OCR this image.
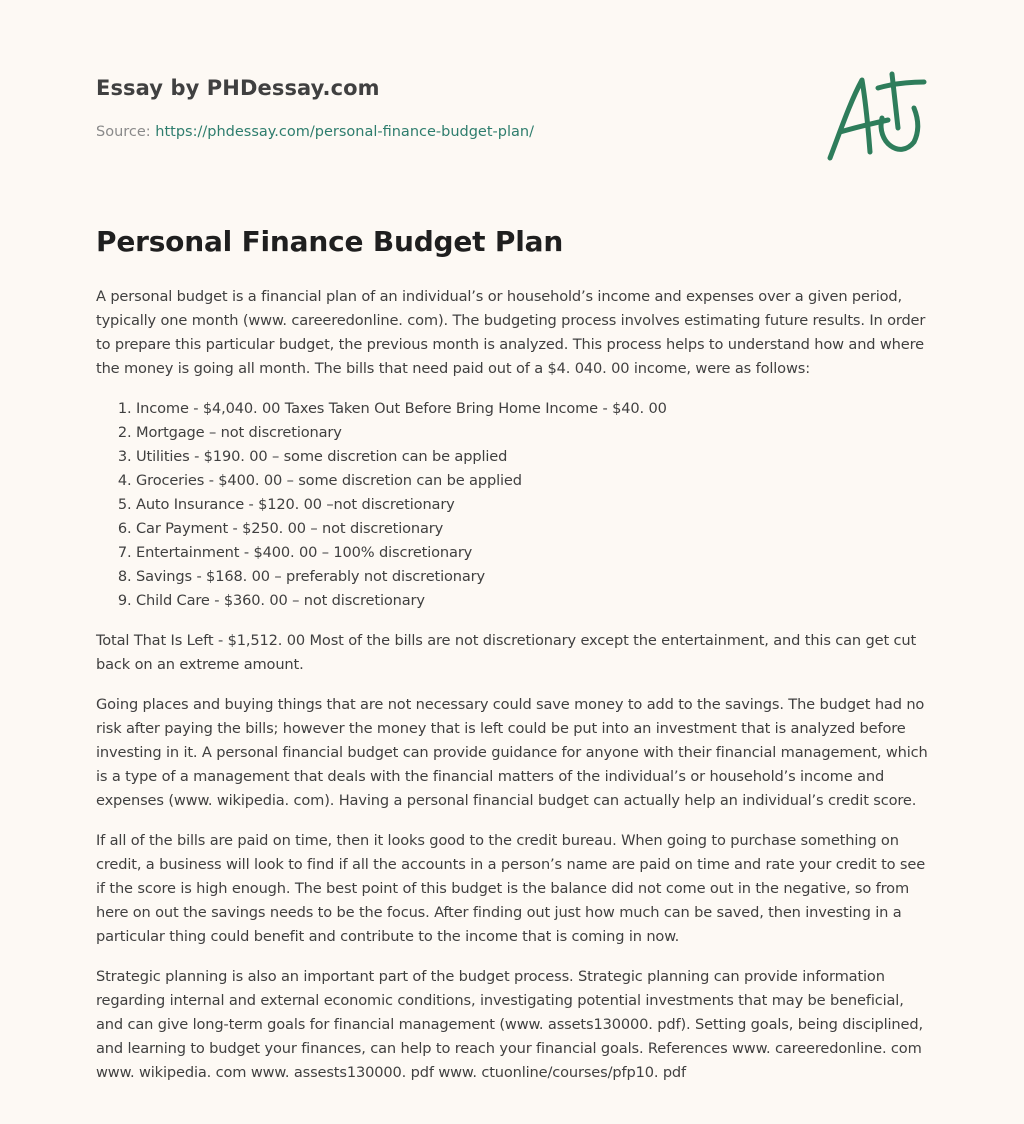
Essay by PHDessay.com
Source: https://phdessay.com/personal-finance-budget-plan/
Personal Finance Budget Plan

A personal budget is a financial plan of an individual’s or household’s income and expenses over a given period, typically one month (www. careeredonline. com). The budgeting process involves estimating future results. In order to prepare this particular budget, the previous month is analyzed. This process helps to understand how and where the money is going all month. The bills that need paid out of a $4. 040. 00 income, were as follows:

1. Income - $4,040. 00 Taxes Taken Out Before Bring Home Income - $40. 00
2. Mortgage – not discretionary
3. Utilities - $190. 00 – some discretion can be applied
4. Groceries - $400. 00 – some discretion can be applied
5. Auto Insurance - $120. 00 –not discretionary
6. Car Payment - $250. 00 – not discretionary
7. Entertainment - $400. 00 – 100% discretionary
8. Savings - $168. 00 – preferably not discretionary
9. Child Care - $360. 00 – not discretionary

Total That Is Left - $1,512. 00 Most of the bills are not discretionary except the entertainment, and this can get cut back on an extreme amount.

Going places and buying things that are not necessary could save money to add to the savings. The budget had no risk after paying the bills; however the money that is left could be put into an investment that is analyzed before investing in it. A personal financial budget can provide guidance for anyone with their financial management, which is a type of a management that deals with the financial matters of the individual’s or household’s income and expenses (www. wikipedia. com). Having a personal financial budget can actually help an individual’s credit score.

If all of the bills are paid on time, then it looks good to the credit bureau. When going to purchase something on credit, a business will look to find if all the accounts in a person’s name are paid on time and rate your credit to see if the score is high enough. The best point of this budget is the balance did not come out in the negative, so from here on out the savings needs to be the focus. After finding out just how much can be saved, then investing in a particular thing could benefit and contribute to the income that is coming in now.

Strategic planning is also an important part of the budget process. Strategic planning can provide information regarding internal and external economic conditions, investigating potential investments that may be beneficial, and can give long-term goals for financial management (www. assets130000. pdf). Setting goals, being disciplined, and learning to budget your finances, can help to reach your financial goals. References www. careeredonline. com www. wikipedia. com www. assests130000. pdf www. ctuonline/courses/pfp10. pdf
